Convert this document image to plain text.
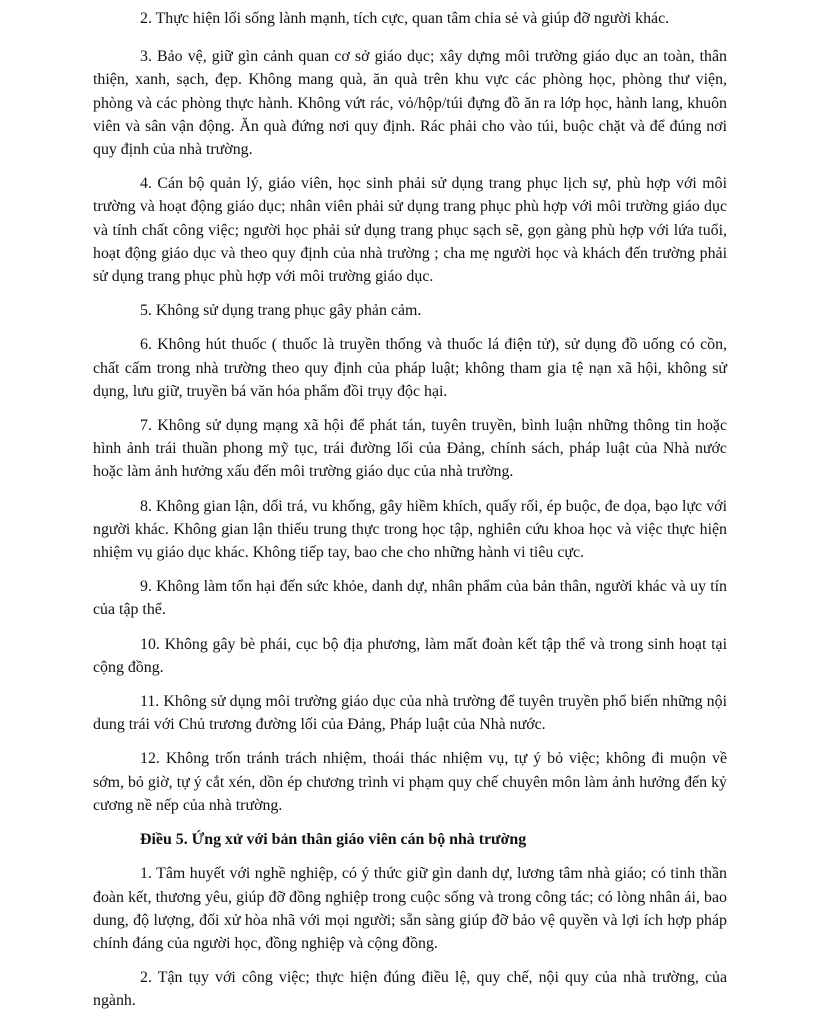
2. Thực hiện lối sống lành mạnh, tích cực, quan tâm chia sẻ và giúp đỡ người khác.

3. Bảo vệ, giữ gìn cảnh quan cơ sở giáo dục; xây dựng môi trường giáo dục an toàn, thân thiện, xanh, sạch, đẹp. Không mang quà, ăn quà trên khu vực các phòng học, phòng thư viện, phòng và các phòng thực hành. Không vứt rác, vỏ/hộp/túi đựng đồ ăn ra lớp học, hành lang, khuôn viên và sân vận động. Ăn quà đứng nơi quy định. Rác phải cho vào túi, buộc chặt và để đúng nơi quy định của nhà trường.

4. Cán bộ quản lý, giáo viên, học sinh phải sử dụng trang phục lịch sự, phù hợp với môi trường và hoạt động giáo dục; nhân viên phải sử dụng trang phục phù hợp với môi trường giáo dục và tính chất công việc; người học phải sử dụng trang phục sạch sẽ, gọn gàng phù hợp với lứa tuổi, hoạt động giáo dục và theo quy định của nhà trường ; cha mẹ người học và khách đến trường phải sử dụng trang phục phù hợp với môi trường giáo dục.

5. Không sử dụng trang phục gây phản cảm.

6. Không hút thuốc ( thuốc là truyền thống và thuốc lá điện tử), sử dụng đồ uống có cồn, chất cấm trong nhà trường theo quy định của pháp luật; không tham gia tệ nạn xã hội, không sử dụng, lưu giữ, truyền bá văn hóa phẩm đồi trụy độc hại.

7. Không sử dụng mạng xã hội để phát tán, tuyên truyền, bình luận những thông tin hoặc hình ảnh trái thuần phong mỹ tục, trái đường lối của Đảng, chính sách, pháp luật của Nhà nước hoặc làm ảnh hưởng xấu đến môi trường giáo dục của nhà trường.

8. Không gian lận, dối trá, vu khống, gây hiềm khích, quấy rối, ép buộc, đe dọa, bạo lực với người khác. Không gian lận thiếu trung thực trong học tập, nghiên cứu khoa học và việc thực hiện nhiệm vụ giáo dục khác. Không tiếp tay, bao che cho những hành vi tiêu cực.

9. Không làm tổn hại đến sức khỏe, danh dự, nhân phẩm của bản thân, người khác và uy tín của tập thể.

10. Không gây bè phái, cục bộ địa phương, làm mất đoàn kết tập thể và trong sinh hoạt tại cộng đồng.

11. Không sử dụng môi trường giáo dục của nhà trường để tuyên truyền phổ biến những nội dung trái với Chủ trương đường lối của Đảng, Pháp luật của Nhà nước.

12. Không trốn tránh trách nhiệm, thoái thác nhiệm vụ, tự ý bỏ việc; không đi muộn về sớm, bỏ giờ, tự ý cắt xén, dồn ép chương trình vi phạm quy chế chuyên môn làm ảnh hưởng đến kỷ cương nề nếp của nhà trường.

Điều 5. Ứng xử với bản thân giáo viên cán bộ nhà trường

1. Tâm huyết với nghề nghiệp, có ý thức giữ gìn danh dự, lương tâm nhà giáo; có tinh thần đoàn kết, thương yêu, giúp đỡ đồng nghiệp trong cuộc sống và trong công tác; có lòng nhân ái, bao dung, độ lượng, đối xử hòa nhã với mọi người; sẵn sàng giúp đỡ bảo vệ quyền và lợi ích hợp pháp chính đáng của người học, đồng nghiệp và cộng đồng.

2. Tận tụy với công việc; thực hiện đúng điều lệ, quy chế, nội quy của nhà trường, của ngành.
